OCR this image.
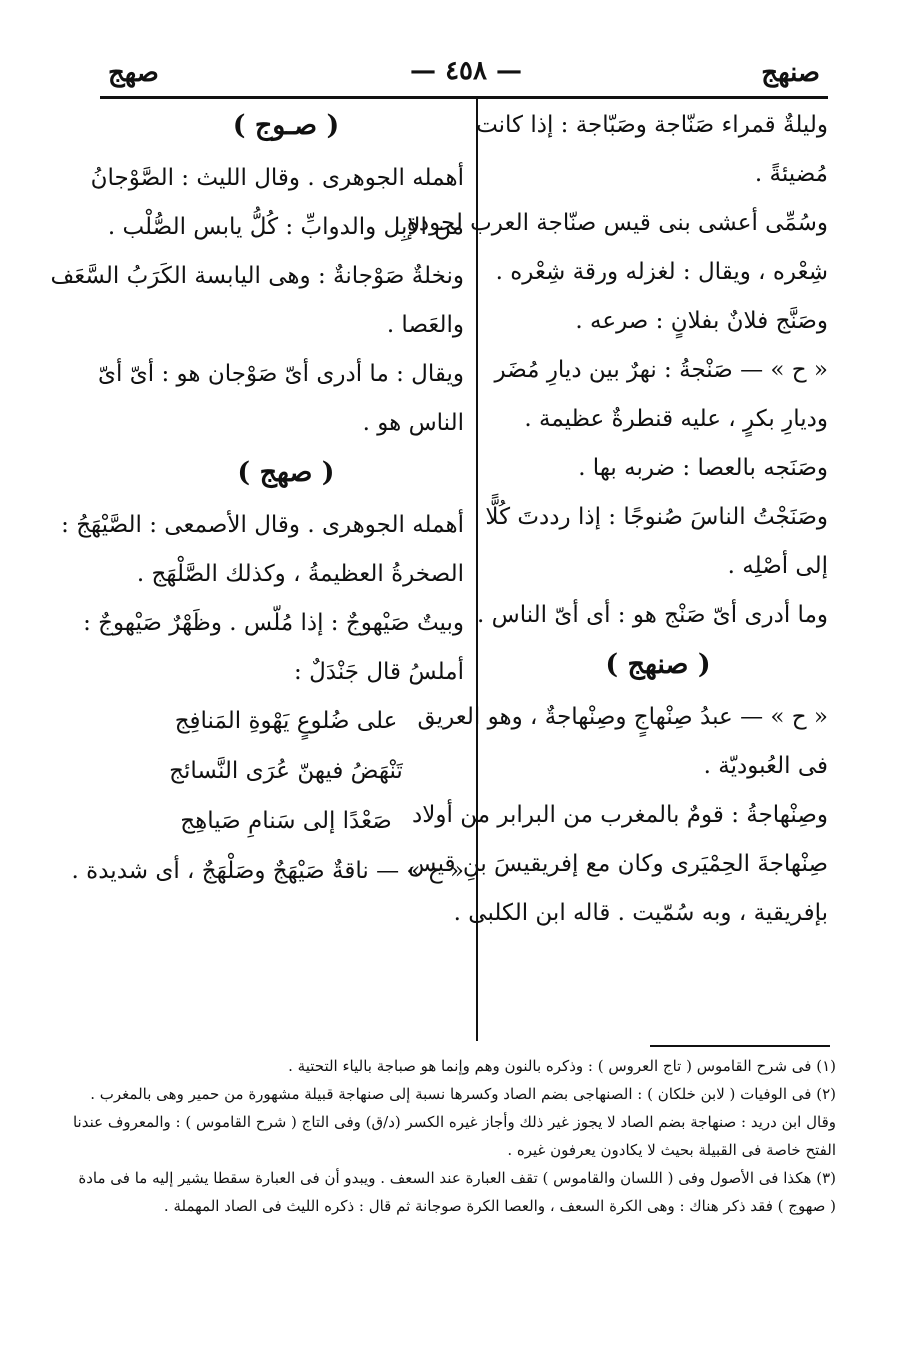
صنهج
— ٤٥٨ —
صهج
وليلةٌ قمراء صَنّاجة وصَبّاجة : إذا كانت
مُضيئةً .
وسُمِّى أعشى بنى قيس صنّاجة العرب لجودة
شِعْره ، ويقال : لغزله ورقة شِعْره .
وصَنَّج فلانٌ بفلانٍ : صرعه .
« ح » — صَنْجةُ : نهرٌ بين ديارِ مُضَر
وديارِ بكرٍ ، عليه قنطرةٌ عظيمة .
وصَنَجه بالعصا : ضربه بها .
وصَنَجْتُ الناسَ صُنوجًا : إذا رددتَ كُلًّا
إلى أصْلِه .
وما أدرى أىّ صَنْج هو : أى أىّ الناس .
( صنهج )
« ح » — عبدُ صِنْهاجٍ وصِنْهاجةٌ ، وهو العريق
فى العُبوديّة .
وصِنْهاجةُ : قومٌ بالمغرب من البرابر من أولاد
صِنْهاجةَ الحِمْيَرى وكان مع إفريقيسَ بنِ قيس
بإفريقية ، وبه سُمّيت . قاله ابن الكلبى .
( صـوج )
أهمله الجوهرى . وقال الليث : الصَّوْجانُ
من الإبِل والدوابِّ : كُلُّ يابس الصُّلْب .
ونخلةٌ صَوْجانةٌ : وهى اليابسة الكَرَبُ السَّعَف
والعَصا .
ويقال : ما أدرى أىّ صَوْجان هو : أىّ أىّ
الناس هو .
( صهج )
أهمله الجوهرى . وقال الأصمعى : الصَّيْهَجُ :
الصخرةُ العظيمةُ ، وكذلك الصَّلْهَج .
وبيتٌ صَيْهوجٌ : إذا مُلّس . وظَهْرٌ صَيْهوجٌ :
أملسُ قال جَنْدَلٌ :
على ضُلوعٍ يَهْوةِ المَنافِج
تَنْهَضُ فيهنّ عُرَى النَّسائج
صَعْدًا إلى سَنامِ صَياهِج
« ح » — ناقةٌ صَيْهَجٌ وصَلْهَجٌ ، أى شديدة .
(١) فى شرح القاموس ( تاج العروس ) : وذكره بالنون وهم وإنما هو صباجة بالياء التحتية .
(٢) فى الوفيات ( لابن خلكان ) : الصنهاجى بضم الصاد وكسرها نسبة إلى صنهاجة قبيلة مشهورة من حمير وهى بالمغرب .
وقال ابن دريد : صنهاجة بضم الصاد لا يجوز غير ذلك وأجاز غيره الكسر (د/ق) وفى التاج ( شرح القاموس ) : والمعروف عندنا
الفتح خاصة فى القبيلة بحيث لا يكادون يعرفون غيره .
(٣) هكذا فى الأصول وفى ( اللسان والقاموس ) تقف العبارة عند السعف . ويبدو أن فى العبارة سقطا يشير إليه ما فى مادة
( صهوج ) فقد ذكر هناك : وهى الكرة السعف ، والعصا الكرة صوجانة ثم قال : ذكره الليث فى الصاد المهملة .
